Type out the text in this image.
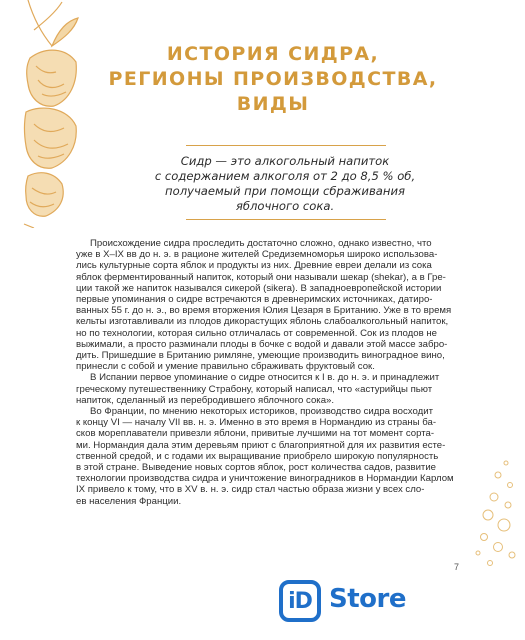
ИСТОРИЯ СИДРА,
РЕГИОНЫ ПРОИЗВОДСТВА,
ВИДЫ
Сидр — это алкогольный напиток
с содержанием алкоголя от 2 до 8,5 % об,
получаемый при помощи сбраживания
яблочного сока.
Происхождение сидра проследить достаточно сложно, однако известно, что
уже в X–IX вв до н. э. в рационе жителей Средиземноморья широко использова-
лись культурные сорта яблок и продукты из них. Древние евреи делали из сока
яблок ферментированный напиток, который они называли шекар (shekar), а в Гре-
ции такой же напиток назывался сикерой (sikera). В западноевропейской истории
первые упоминания о сидре встречаются в древнеримских источниках, датиро-
ванных 55 г. до н. э., во время вторжения Юлия Цезаря в Британию. Уже в то время
кельты изготавливали из плодов дикорастущих яблонь слабоалкогольный напиток,
но по технологии, которая сильно отличалась от современной. Сок из плодов не
выжимали, а просто разминали плоды в бочке с водой и давали этой массе забро-
дить. Пришедшие в Британию римляне, умеющие производить виноградное вино,
принесли с собой и умение правильно сбраживать фруктовый сок.
В Испании первое упоминание о сидре относится к I в. до н. э. и принадлежит
греческому путешественнику Страбону, который написал, что «астурийцы пьют
напиток, сделанный из перебродившего яблочного сока».
Во Франции, по мнению некоторых историков, производство сидра восходит
к концу VI — началу VII вв. н. э. Именно в это время в Нормандию из страны ба-
сков мореплаватели привезли яблони, привитые лучшими на тот момент сорта-
ми. Нормандия дала этим деревьям приют с благоприятной для их развития есте-
ственной средой, и с годами их выращивание приобрело широкую популярность
в этой стране. Выведение новых сортов яблок, рост количества садов, развитие
технологии производства сидра и уничтожение виноградников в Нормандии Карлом
IX привело к тому, что в XV в. н. э. сидр стал частью образа жизни у всех сло-
ев населения Франции.
7
iD Store
